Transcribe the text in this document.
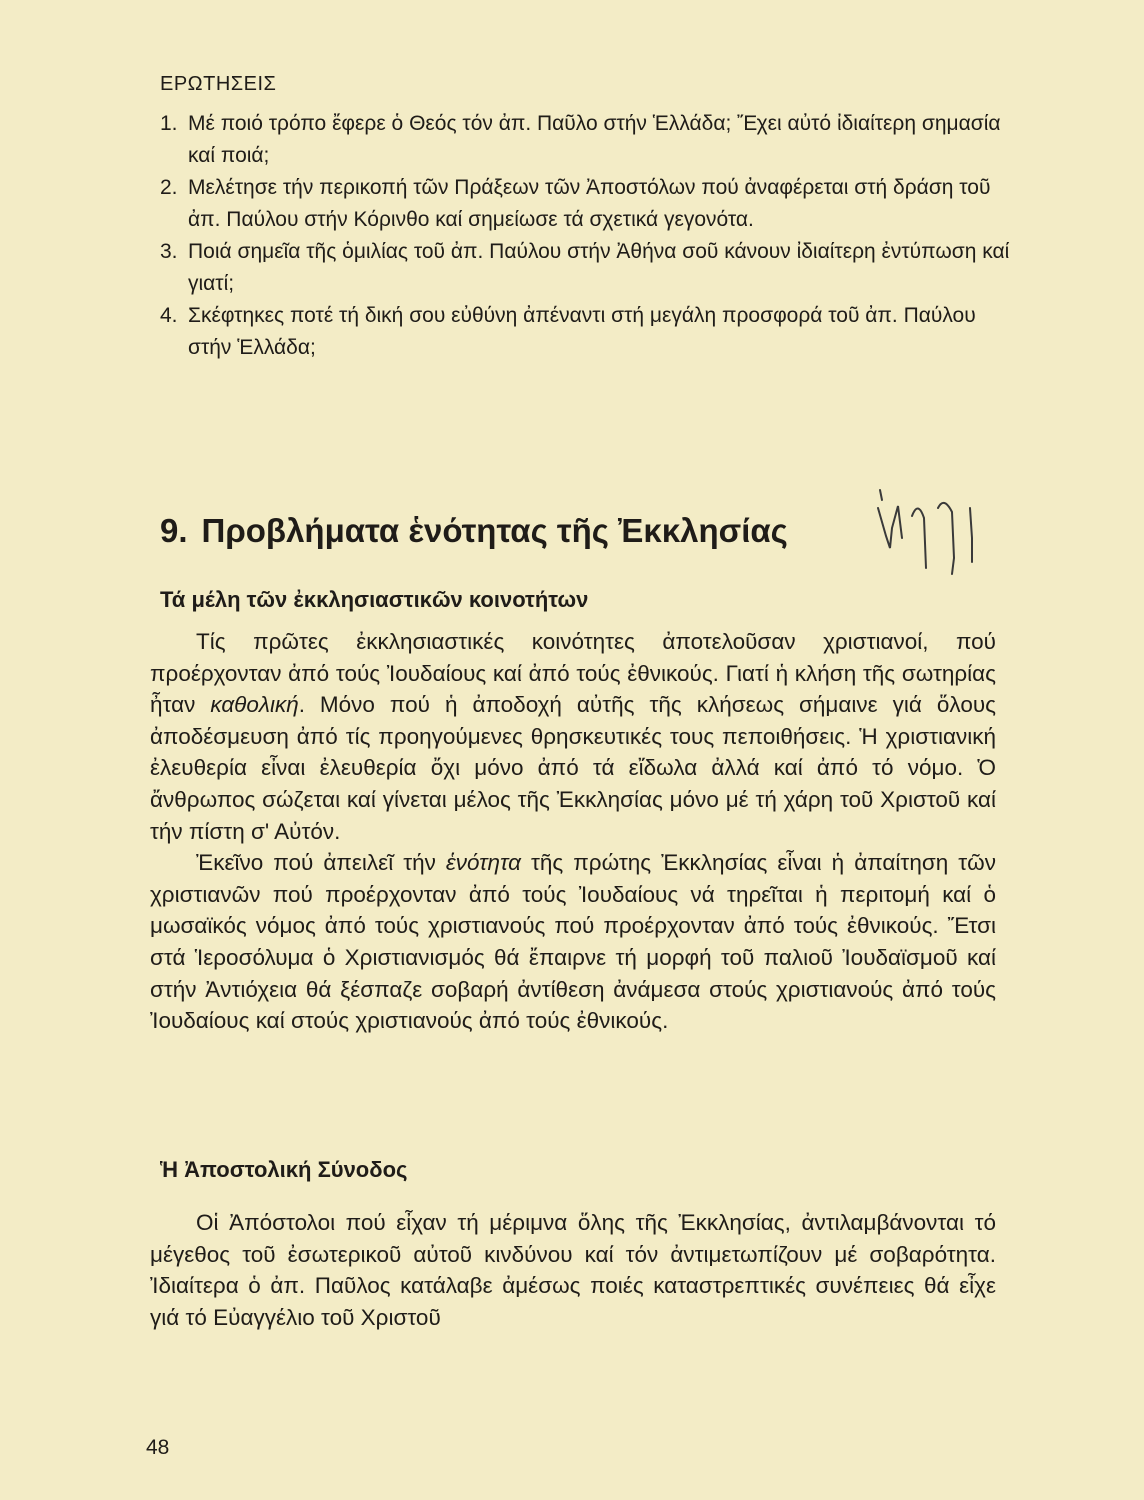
ΕΡΩΤΗΣΕΙΣ
1. Μέ ποιό τρόπο ἔφερε ὁ Θεός τόν ἀπ. Παῦλο στήν Ἑλλάδα; Ἔχει αὐτό ἰδιαίτερη σημασία καί ποιά;
2. Μελέτησε τήν περικοπή τῶν Πράξεων τῶν Ἀποστόλων πού ἀναφέρεται στή δράση τοῦ ἀπ. Παύλου στήν Κόρινθο καί σημείωσε τά σχετικά γεγονότα.
3. Ποιά σημεῖα τῆς ὁμιλίας τοῦ ἀπ. Παύλου στήν Ἀθήνα σοῦ κάνουν ἰδιαίτερη ἐντύπωση καί γιατί;
4. Σκέφτηκες ποτέ τή δική σου εὐθύνη ἀπέναντι στή μεγάλη προσφορά τοῦ ἀπ. Παύλου στήν Ἑλλάδα;
9. Προβλήματα ἑνότητας τῆς Ἐκκλησίας
Τά μέλη τῶν ἐκκλησιαστικῶν κοινοτήτων

Τίς πρῶτες ἐκκλησιαστικές κοινότητες ἀποτελοῦσαν χριστιανοί, πού προέρχονταν ἀπό τούς Ἰουδαίους καί ἀπό τούς ἐθνικούς. Γιατί ἡ κλήση τῆς σωτηρίας ἦταν καθολική. Μόνο πού ἡ ἀποδοχή αὐτῆς τῆς κλήσεως σήμαινε γιά ὅλους ἀποδέσμευση ἀπό τίς προηγούμενες θρησκευτικές τους πεποιθήσεις. Ἡ χριστιανική ἐλευθερία εἶναι ἐλευθερία ὄχι μόνο ἀπό τά εἴδωλα ἀλλά καί ἀπό τό νόμο. Ὁ ἄνθρωπος σώζεται καί γίνεται μέλος τῆς Ἐκκλησίας μόνο μέ τή χάρη τοῦ Χριστοῦ καί τήν πίστη σ' Αὐτόν.

Ἐκεῖνο πού ἀπειλεῖ τήν ἑνότητα τῆς πρώτης Ἐκκλησίας εἶναι ἡ ἀπαίτηση τῶν χριστιανῶν πού προέρχονταν ἀπό τούς Ἰουδαίους νά τηρεῖται ἡ περιτομή καί ὁ μωσαϊκός νόμος ἀπό τούς χριστιανούς πού προέρχονταν ἀπό τούς ἐθνικούς. Ἔτσι στά Ἱεροσόλυμα ὁ Χριστιανισμός θά ἔπαιρνε τή μορφή τοῦ παλιοῦ Ἰουδαϊσμοῦ καί στήν Ἀντιόχεια θά ξέσπαζε σοβαρή ἀντίθεση ἀνάμεσα στούς χριστιανούς ἀπό τούς Ἰουδαίους καί στούς χριστιανούς ἀπό τούς ἐθνικούς.

Ἡ Ἀποστολική Σύνοδος

Οἱ Ἀπόστολοι πού εἶχαν τή μέριμνα ὅλης τῆς Ἐκκλησίας, ἀντιλαμβάνονται τό μέγεθος τοῦ ἐσωτερικοῦ αὐτοῦ κινδύνου καί τόν ἀντιμετωπίζουν μέ σοβαρότητα. Ἰδιαίτερα ὁ ἀπ. Παῦλος κατάλαβε ἀμέσως ποιές καταστρεπτικές συνέπειες θά εἶχε γιά τό Εὐαγγέλιο τοῦ Χριστοῦ

48
